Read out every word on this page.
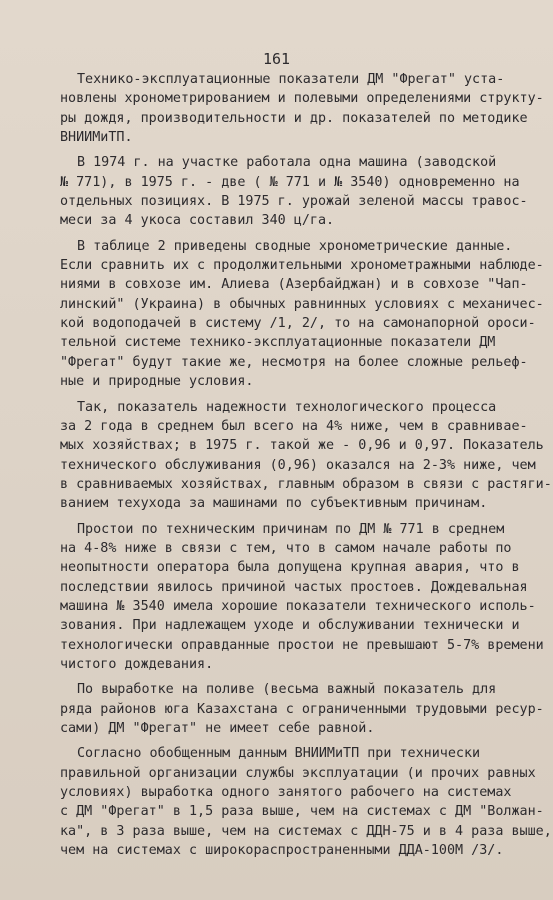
161
Технико-эксплуатационные показатели ДМ "Фрегат" уста-
новлены хронометрированием и полевыми определениями структу-
ры дождя, производительности и др. показателей по методике
ВНИИМиТП.
В 1974 г. на участке работала одна машина (заводской
№ 771), в 1975 г. - две ( № 771 и № 3540) одновременно на
отдельных позициях. В 1975 г. урожай зеленой массы травос-
меси за 4 укоса составил 340 ц/га.
В таблице 2 приведены сводные хронометрические данные.
Если сравнить их с продолжительными хронометражными наблюде-
ниями в совхозе им. Алиева (Азербайджан) и в совхозе "Чап-
линский" (Украина) в обычных равнинных условиях с механичес-
кой водоподачей в систему /1, 2/, то на самонапорной ороси-
тельной системе технико-эксплуатационные показатели ДМ
"Фрегат" будут такие же, несмотря на более сложные рельеф-
ные и природные условия.
Так, показатель надежности технологического процесса
за 2 года в среднем был всего на 4% ниже, чем в сравнивае-
мых хозяйствах; в 1975 г. такой же - 0,96 и 0,97. Показатель
технического обслуживания (0,96) оказался на 2-3% ниже, чем
в сравниваемых хозяйствах, главным образом в связи с растяги-
ванием техухода за машинами по субъективным причинам.
Простои по техническим причинам по ДМ № 771 в среднем
на 4-8% ниже в связи с тем, что в самом начале работы по
неопытности оператора была допущена крупная авария, что в
последствии явилось причиной частых простоев. Дождевальная
машина № 3540 имела хорошие показатели технического исполь-
зования. При надлежащем уходе и обслуживании технически и
технологически оправданные простои не превышают 5-7% времени
чистого дождевания.
По выработке на поливе (весьма важный показатель для
ряда районов юга Казахстана с ограниченными трудовыми ресур-
сами) ДМ "Фрегат" не имеет себе равной.
Согласно обобщенным данным ВНИИМиТП при технически
правильной организации службы эксплуатации (и прочих равных
условиях) выработка одного занятого рабочего на системах
с ДМ "Фрегат" в 1,5 раза выше, чем на системах с ДМ "Волжан-
ка", в 3 раза выше, чем на системах с ДДН-75 и в 4 раза выше,
чем на системах с широкораспространенными ДДА-100М /3/.
